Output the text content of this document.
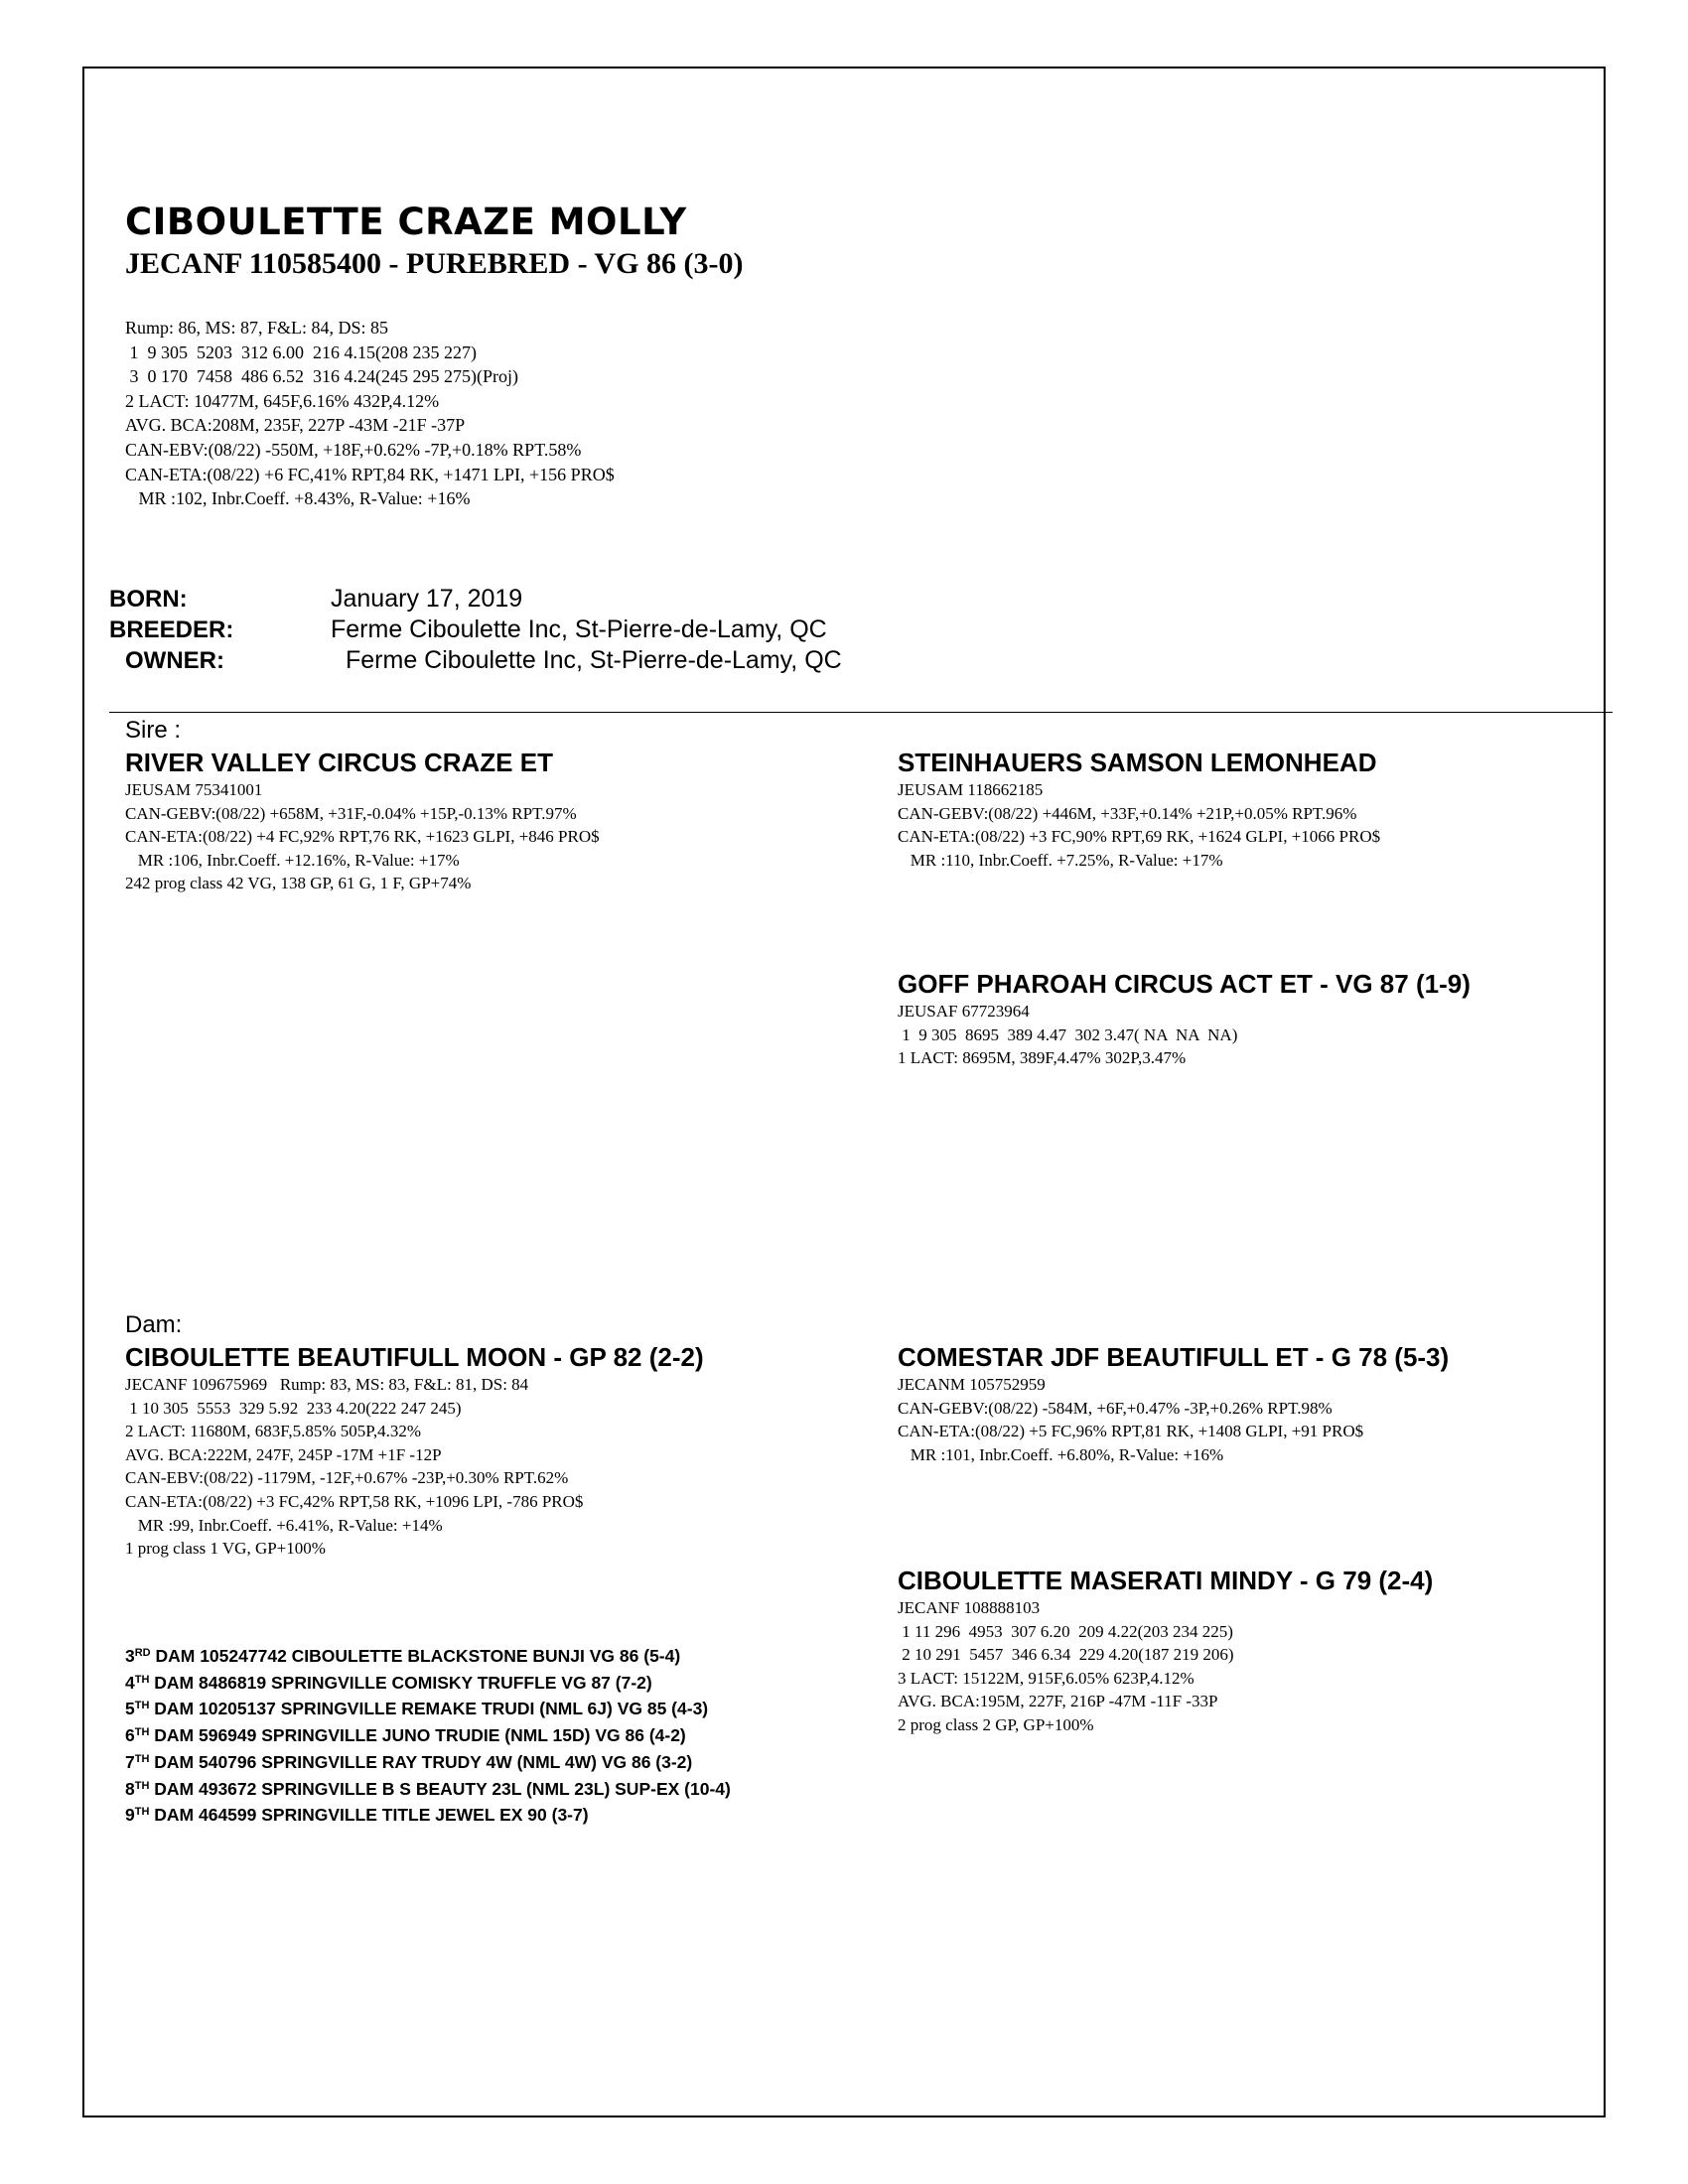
CIBOULETTE CRAZE MOLLY
JECANF 110585400 - PUREBRED - VG 86 (3-0)
Rump: 86, MS: 87, F&L: 84, DS: 85
1  9 305  5203  312 6.00  216 4.15(208 235 227)
3  0 170  7458  486 6.52  316 4.24(245 295 275)(Proj)
2 LACT: 10477M, 645F,6.16% 432P,4.12%
AVG. BCA:208M, 235F, 227P -43M -21F -37P
CAN-EBV:(08/22) -550M, +18F,+0.62% -7P,+0.18% RPT.58%
CAN-ETA:(08/22) +6 FC,41% RPT,84 RK, +1471 LPI, +156 PRO$
MR :102, Inbr.Coeff. +8.43%, R-Value: +16%
BORN:	January 17, 2019
BREEDER:	Ferme Ciboulette Inc, St-Pierre-de-Lamy, QC
OWNER:	Ferme Ciboulette Inc, St-Pierre-de-Lamy, QC
Sire :
RIVER VALLEY CIRCUS CRAZE ET
JEUSAM 75341001
CAN-GEBV:(08/22) +658M, +31F,-0.04% +15P,-0.13% RPT.97%
CAN-ETA:(08/22) +4 FC,92% RPT,76 RK, +1623 GLPI, +846 PRO$
MR :106, Inbr.Coeff. +12.16%, R-Value: +17%
242 prog class 42 VG, 138 GP, 61 G, 1 F, GP+74%
STEINHAUERS SAMSON LEMONHEAD
JEUSAM 118662185
CAN-GEBV:(08/22) +446M, +33F,+0.14% +21P,+0.05% RPT.96%
CAN-ETA:(08/22) +3 FC,90% RPT,69 RK, +1624 GLPI, +1066 PRO$
MR :110, Inbr.Coeff. +7.25%, R-Value: +17%
GOFF PHAROAH CIRCUS ACT ET - VG 87 (1-9)
JEUSAF 67723964
1  9 305  8695  389 4.47  302 3.47( NA  NA  NA)
1 LACT: 8695M, 389F,4.47% 302P,3.47%
Dam:
CIBOULETTE BEAUTIFULL MOON - GP 82 (2-2)
JECANF 109675969   Rump: 83, MS: 83, F&L: 81, DS: 84
1 10 305  5553  329 5.92  233 4.20(222 247 245)
2 LACT: 11680M, 683F,5.85% 505P,4.32%
AVG. BCA:222M, 247F, 245P -17M +1F -12P
CAN-EBV:(08/22) -1179M, -12F,+0.67% -23P,+0.30% RPT.62%
CAN-ETA:(08/22) +3 FC,42% RPT,58 RK, +1096 LPI, -786 PRO$
MR :99, Inbr.Coeff. +6.41%, R-Value: +14%
1 prog class 1 VG, GP+100%
COMESTAR JDF BEAUTIFULL ET - G 78 (5-3)
JECANM 105752959
CAN-GEBV:(08/22) -584M, +6F,+0.47% -3P,+0.26% RPT.98%
CAN-ETA:(08/22) +5 FC,96% RPT,81 RK, +1408 GLPI, +91 PRO$
MR :101, Inbr.Coeff. +6.80%, R-Value: +16%
CIBOULETTE MASERATI MINDY - G 79 (2-4)
JECANF 108888103
1 11 296  4953  307 6.20  209 4.22(203 234 225)
2 10 291  5457  346 6.34  229 4.20(187 219 206)
3 LACT: 15122M, 915F,6.05% 623P,4.12%
AVG. BCA:195M, 227F, 216P -47M -11F -33P
2 prog class 2 GP, GP+100%
3RD DAM 105247742 CIBOULETTE BLACKSTONE BUNJI VG 86 (5-4)
4TH DAM 8486819 SPRINGVILLE COMISKY TRUFFLE VG 87 (7-2)
5TH DAM 10205137 SPRINGVILLE REMAKE TRUDI (NML 6J) VG 85 (4-3)
6TH DAM 596949 SPRINGVILLE JUNO TRUDIE (NML 15D) VG 86 (4-2)
7TH DAM 540796 SPRINGVILLE RAY TRUDY 4W (NML 4W) VG 86 (3-2)
8TH DAM 493672 SPRINGVILLE B S BEAUTY 23L (NML 23L) SUP-EX (10-4)
9TH DAM 464599 SPRINGVILLE TITLE JEWEL EX 90 (3-7)
